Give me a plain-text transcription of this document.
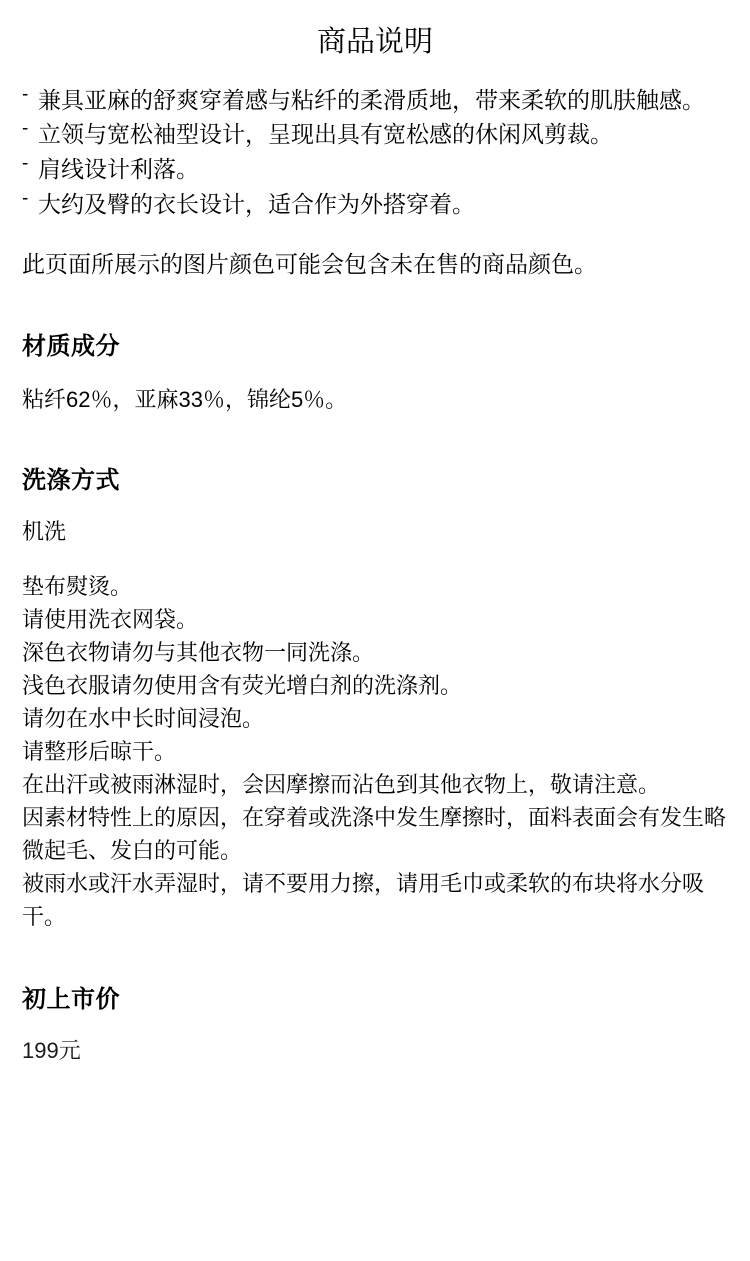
商品说明
- 兼具亚麻的舒爽穿着感与粘纤的柔滑质地，带来柔软的肌肤触感。
- 立领与宽松袖型设计，呈现出具有宽松感的休闲风剪裁。
- 肩线设计利落。
- 大约及臀的衣长设计，适合作为外搭穿着。

此页面所展示的图片颜色可能会包含未在售的商品颜色。

材质成分
粘纤62％，亚麻33％，锦纶5％。
洗涤方式
机洗
垫布熨烫。
请使用洗衣网袋。
深色衣物请勿与其他衣物一同洗涤。
浅色衣服请勿使用含有荧光增白剂的洗涤剂。
请勿在水中长时间浸泡。
请整形后晾干。
在出汗或被雨淋湿时，会因摩擦而沾色到其他衣物上，敬请注意。
因素材特性上的原因，在穿着或洗涤中发生摩擦时，面料表面会有发生略微起毛、发白的可能。
被雨水或汗水弄湿时，请不要用力擦，请用毛巾或柔软的布块将水分吸干。
初上市价
199元
